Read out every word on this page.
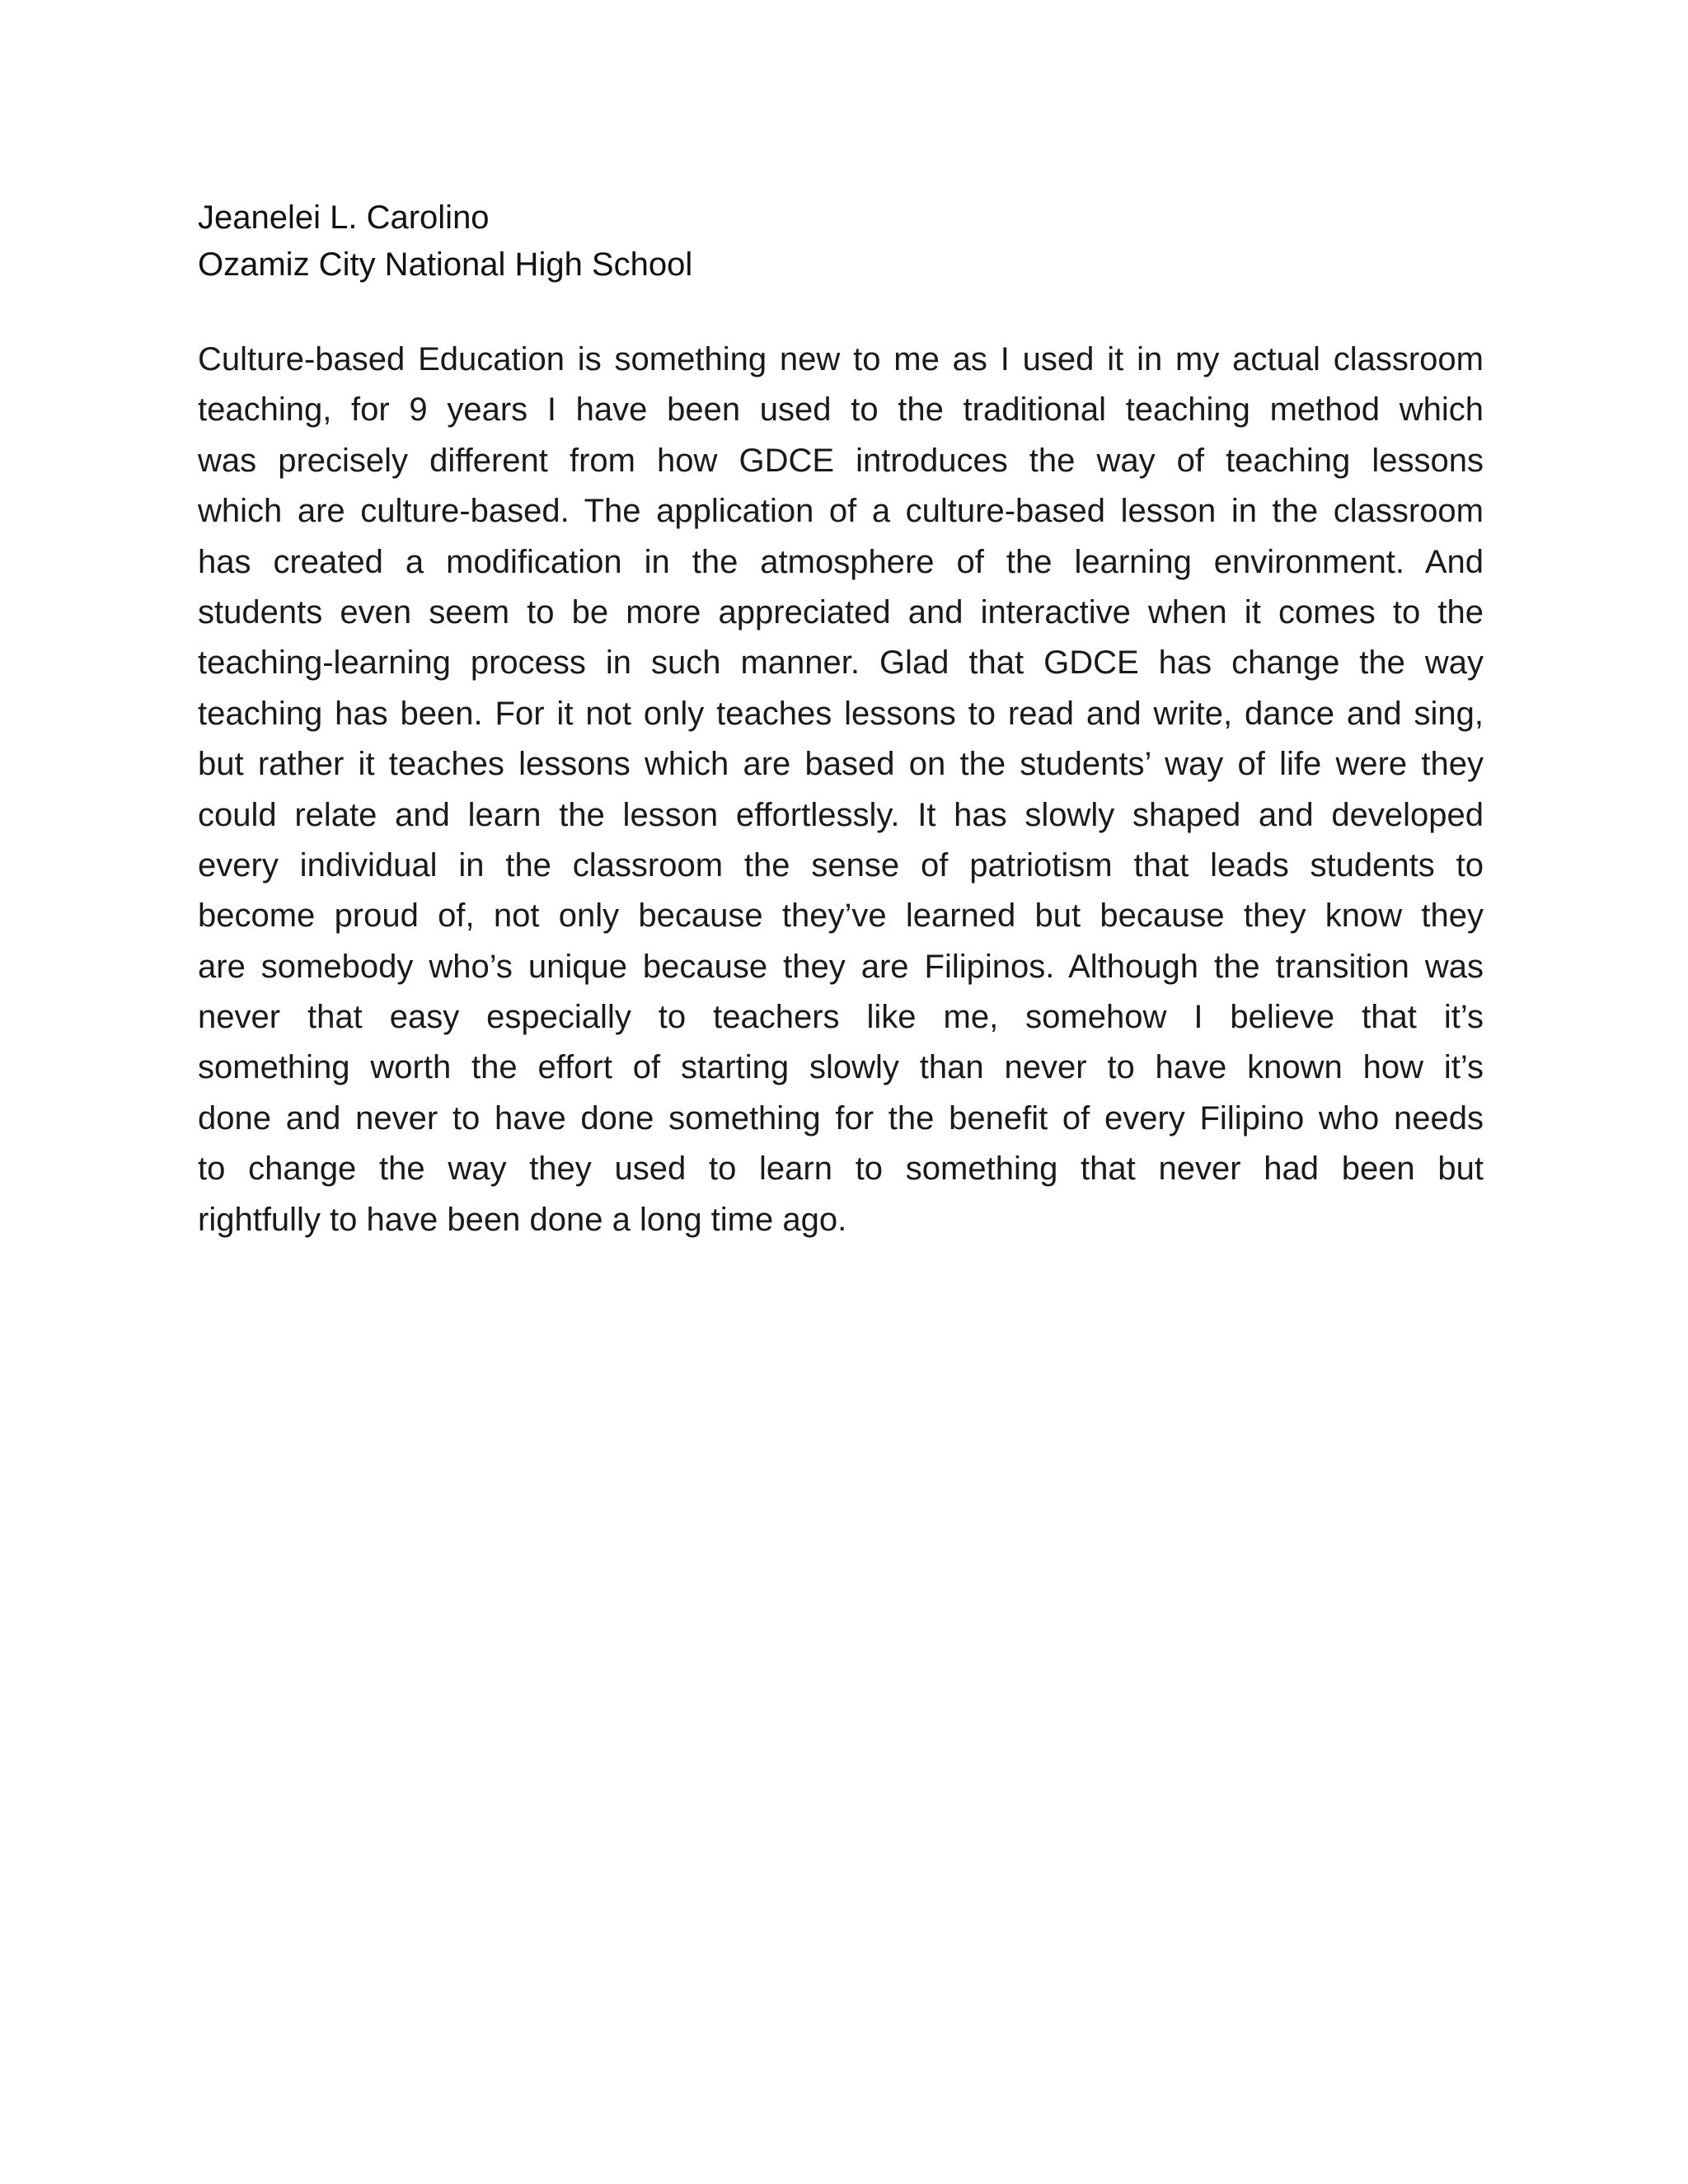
Jeanelei L. Carolino
Ozamiz City National High School
Culture-based Education is something new to me as I used it in my actual classroom
teaching, for 9 years I have been used to the traditional teaching method which
was precisely different from how GDCE introduces the way of teaching lessons
which are culture-based. The application of a culture-based lesson in the classroom
has created a modification in the atmosphere of the learning environment. And
students even seem to be more appreciated and interactive when it comes to the
teaching-learning process in such manner. Glad that GDCE has change the way
teaching has been. For it not only teaches lessons to read and write, dance and sing,
but rather it teaches lessons which are based on the students’ way of life were they
could relate and learn the lesson effortlessly. It has slowly shaped and developed
every individual in the classroom the sense of patriotism that leads students to
become proud of, not only because they’ve learned but because they know they
are somebody who’s unique because they are Filipinos. Although the transition was
never that easy especially to teachers like me, somehow I believe that it’s
something worth the effort of starting slowly than never to have known how it’s
done and never to have done something for the benefit of every Filipino who needs
to change the way they used to learn to something that never had been but
rightfully to have been done a long time ago.
